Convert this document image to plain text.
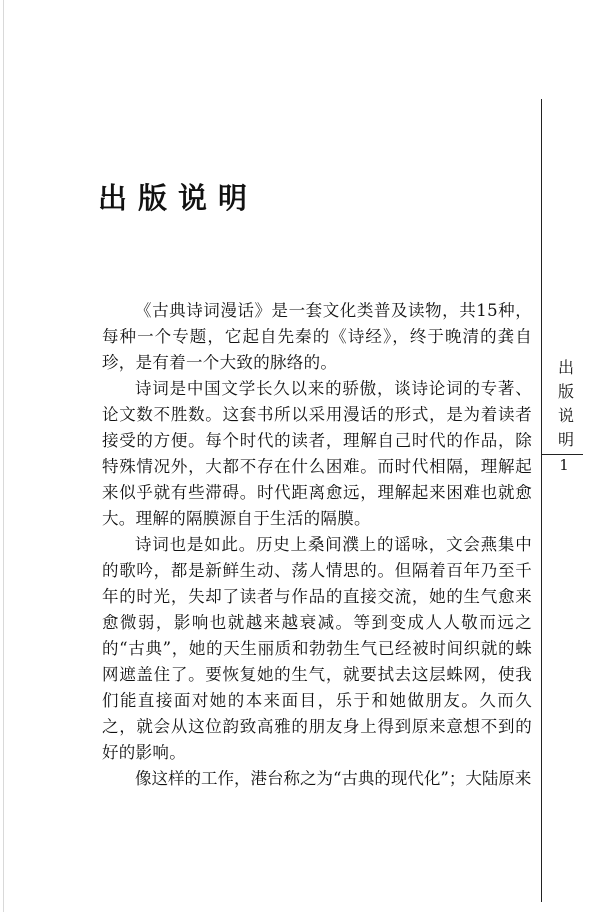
出版说明

《古典诗词漫话》是一套文化类普及读物，共15种，每种一个专题，它起自先秦的《诗经》，终于晚清的龚自珍，是有着一个大致的脉络的。

诗词是中国文学长久以来的骄傲，谈诗论词的专著、论文数不胜数。这套书所以采用漫话的形式，是为着读者接受的方便。每个时代的读者，理解自己时代的作品，除特殊情况外，大都不存在什么困难。而时代相隔，理解起来似乎就有些滞碍。时代距离愈远，理解起来困难也就愈大。理解的隔膜源自于生活的隔膜。

诗词也是如此。历史上桑间濮上的谣咏，文会燕集中的歌吟，都是新鲜生动、荡人情思的。但隔着百年乃至千年的时光，失却了读者与作品的直接交流，她的生气愈来愈微弱，影响也就越来越衰减。等到变成人人敬而远之的“古典”，她的天生丽质和勃勃生气已经被时间织就的蛛网遮盖住了。要恢复她的生气，就要拭去这层蛛网，使我们能直接面对她的本来面目，乐于和她做朋友。久而久之，就会从这位韵致高雅的朋友身上得到原来意想不到的好的影响。

像这样的工作，港台称之为“古典的现代化”；大陆原来

出
版
说
明
1
